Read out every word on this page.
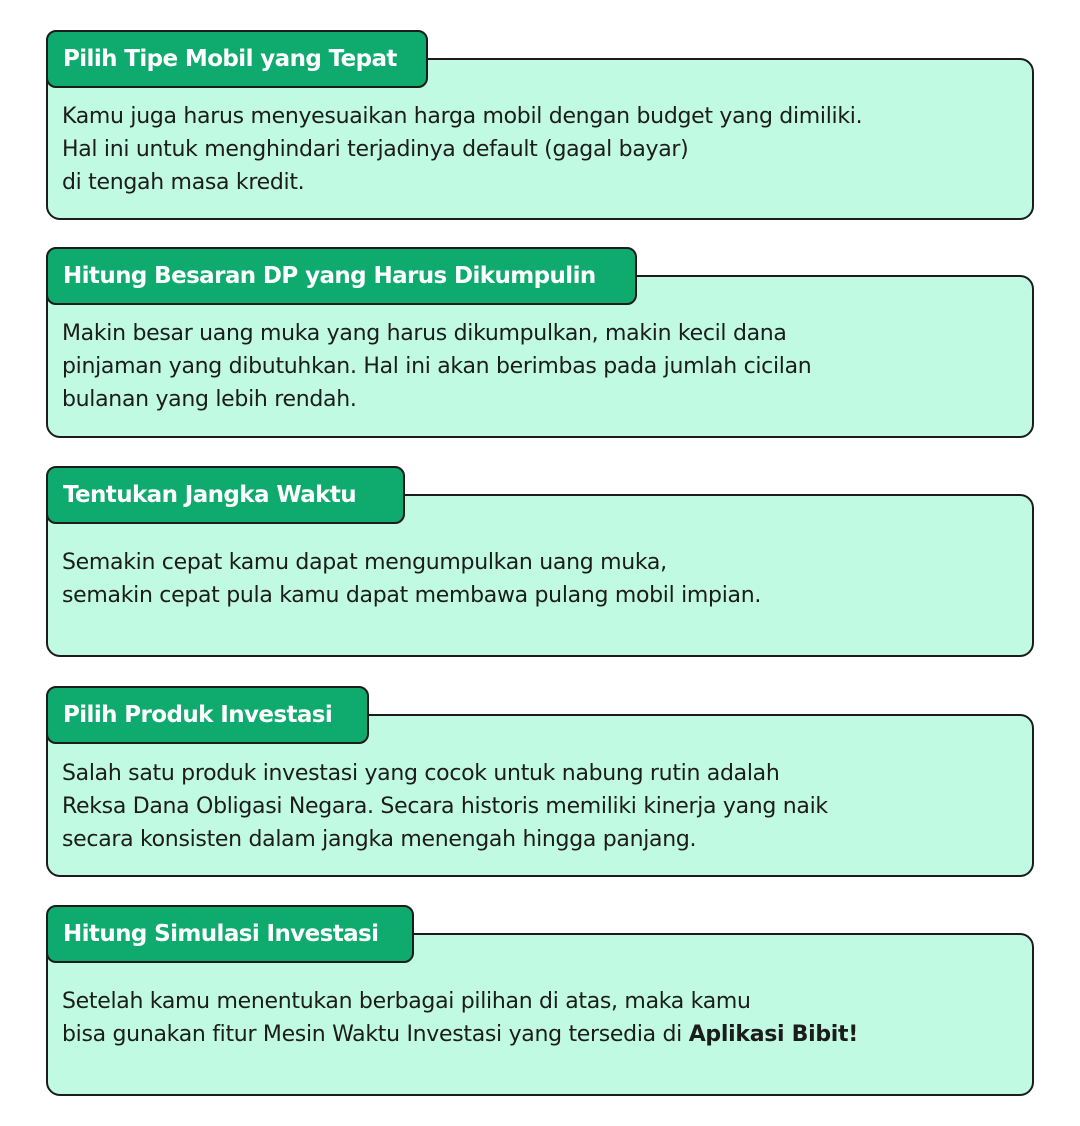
Pilih Tipe Mobil yang Tepat
Kamu juga harus menyesuaikan harga mobil dengan budget yang dimiliki.
Hal ini untuk menghindari terjadinya default (gagal bayar)
di tengah masa kredit.
Hitung Besaran DP yang Harus Dikumpulin
Makin besar uang muka yang harus dikumpulkan, makin kecil dana
pinjaman yang dibutuhkan. Hal ini akan berimbas pada jumlah cicilan
bulanan yang lebih rendah.
Tentukan Jangka Waktu
Semakin cepat kamu dapat mengumpulkan uang muka,
semakin cepat pula kamu dapat membawa pulang mobil impian.
Pilih Produk Investasi
Salah satu produk investasi yang cocok untuk nabung rutin adalah
Reksa Dana Obligasi Negara. Secara historis memiliki kinerja yang naik
secara konsisten dalam jangka menengah hingga panjang.
Hitung Simulasi Investasi
Setelah kamu menentukan berbagai pilihan di atas, maka kamu
bisa gunakan fitur Mesin Waktu Investasi yang tersedia di Aplikasi Bibit!
